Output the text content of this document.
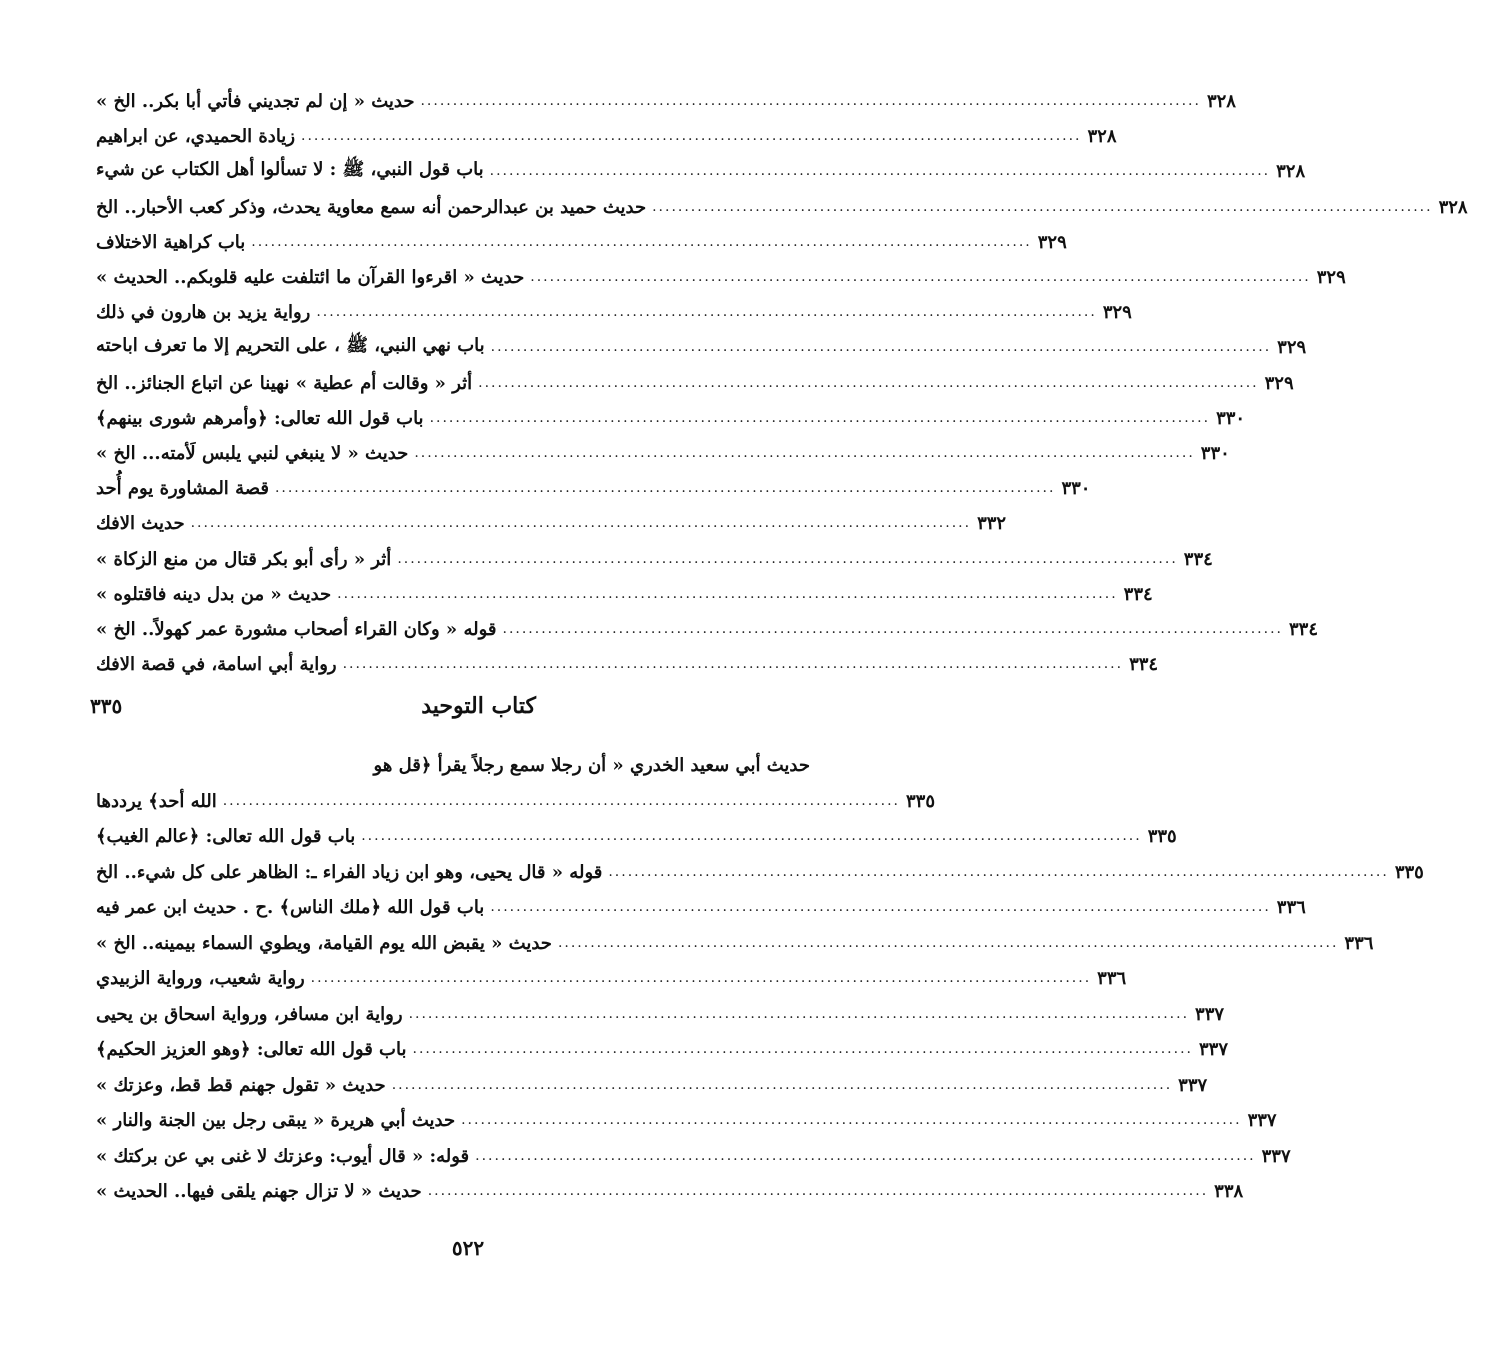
حديث « إن لم تجديني فأتي أبا بكر.. الخ » ......................................................................................................................... ٣٢٨
زيادة الحميدي، عن ابراهيم ......................................................................................................................... ٣٢٨
باب قول النبي، ﷺ : لا تسألوا أهل الكتاب عن شيء ......................................................................................................................... ٣٢٨
حديث حميد بن عبدالرحمن أنه سمع معاوية يحدث، وذكر كعب الأحبار.. الخ ......................................................................................................................... ٣٢٨
باب كراهية الاختلاف ......................................................................................................................... ٣٢٩
حديث « اقرءوا القرآن ما ائتلفت عليه قلوبكم.. الحديث » ......................................................................................................................... ٣٢٩
رواية يزيد بن هارون في ذلك ......................................................................................................................... ٣٢٩
باب نهي النبي، ﷺ ، على التحريم إلا ما تعرف اباحته ......................................................................................................................... ٣٢٩
أثر « وقالت أم عطية » نهينا عن اتباع الجنائز.. الخ ......................................................................................................................... ٣٢٩
باب قول الله تعالى: ﴿وأمرهم شورى بينهم﴾ ......................................................................................................................... ٣٣٠
حديث « لا ينبغي لنبي يلبس لَأمته... الخ » ......................................................................................................................... ٣٣٠
قصة المشاورة يوم أُحد ......................................................................................................................... ٣٣٠
حديث الافك ......................................................................................................................... ٣٣٢
أثر « رأى أبو بكر قتال من منع الزكاة » ......................................................................................................................... ٣٣٤
حديث « من بدل دينه فاقتلوه » ......................................................................................................................... ٣٣٤
قوله « وكان القراء أصحاب مشورة عمر كهولاً.. الخ » ......................................................................................................................... ٣٣٤
رواية أبي اسامة، في قصة الافك ......................................................................................................................... ٣٣٤
باب قول الله تعالى: ﴿عالم الغيب﴾ ......................................................................................................................... ٣٣٥
قوله « قال يحيى، وهو ابن زياد الفراء ـ: الظاهر على كل شيء.. الخ ......................................................................................................................... ٣٣٥
باب قول الله ﴿ملك الناس﴾ .ح . حديث ابن عمر فيه ......................................................................................................................... ٣٣٦
حديث « يقبض الله يوم القيامة، ويطوي السماء بيمينه.. الخ » ......................................................................................................................... ٣٣٦
رواية شعيب، ورواية الزبيدي ......................................................................................................................... ٣٣٦
رواية ابن مسافر، ورواية اسحاق بن يحيى ......................................................................................................................... ٣٣٧
باب قول الله تعالى: ﴿وهو العزيز الحكيم﴾ ......................................................................................................................... ٣٣٧
حديث « تقول جهنم قط قط، وعزتك » ......................................................................................................................... ٣٣٧
حديث أبي هريرة « يبقى رجل بين الجنة والنار » ......................................................................................................................... ٣٣٧
قوله: « قال أيوب: وعزتك لا غنى بي عن بركتك » ......................................................................................................................... ٣٣٧
حديث « لا تزال جهنم يلقى فيها.. الحديث » ......................................................................................................................... ٣٣٨
٣٣٥	كتاب التوحيد
حديث أبي سعيد الخدري « أن رجلا سمع رجلاً يقرأ ﴿قل هو
الله أحد﴾ يرددها ......................................................................................................... ٣٣٥
٥٢٢
